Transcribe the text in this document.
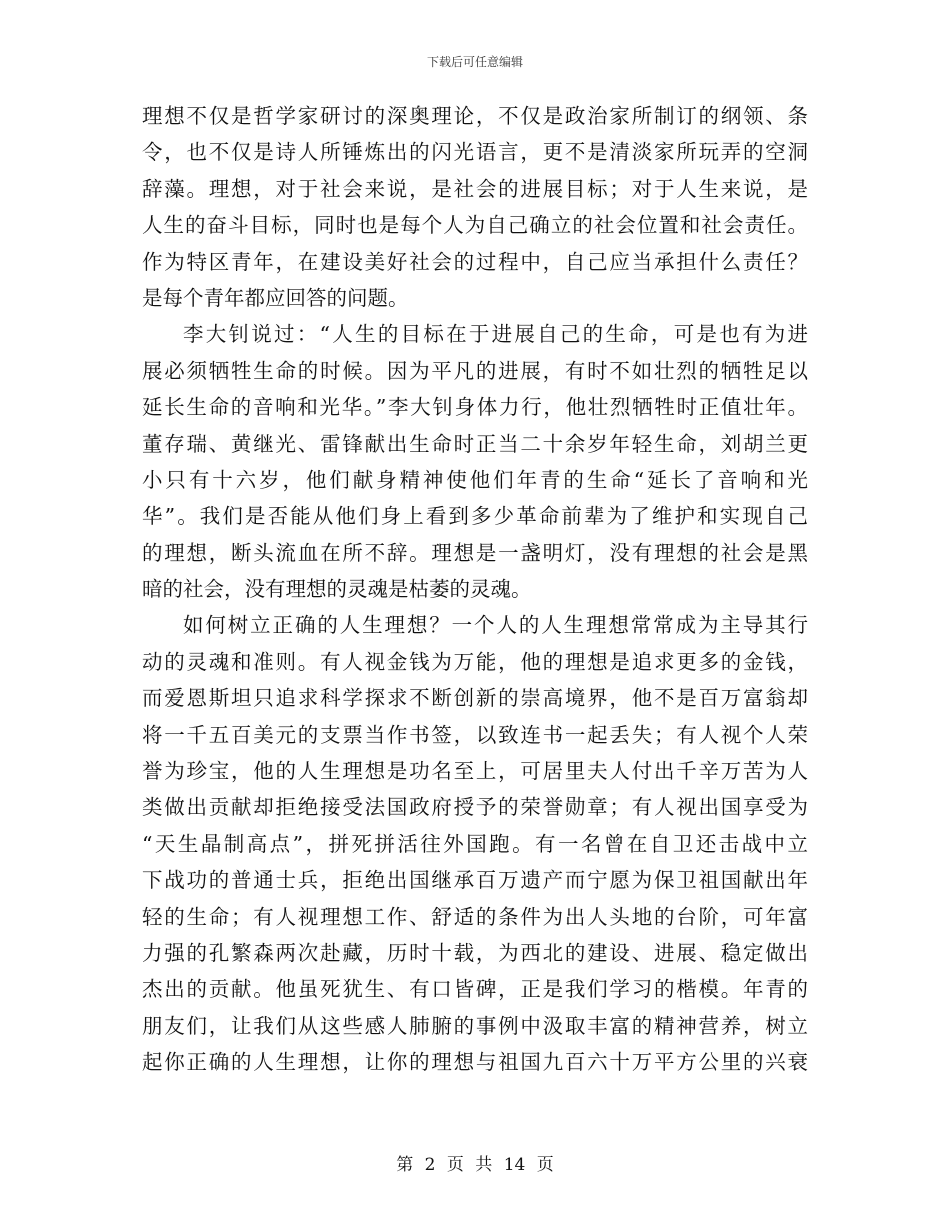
下载后可任意编辑
理想不仅是哲学家研讨的深奥理论，不仅是政治家所制订的纲领、条
令，也不仅是诗人所锤炼出的闪光语言，更不是清淡家所玩弄的空洞
辞藻。理想，对于社会来说，是社会的进展目标；对于人生来说，是
人生的奋斗目标，同时也是每个人为自己确立的社会位置和社会责任。
作为特区青年，在建设美好社会的过程中，自己应当承担什么责任？
是每个青年都应回答的问题。
李大钊说过：“人生的目标在于进展自己的生命，可是也有为进
展必须牺牲生命的时候。因为平凡的进展，有时不如壮烈的牺牲足以
延长生命的音响和光华。”李大钊身体力行，他壮烈牺牲时正值壮年。
董存瑞、黄继光、雷锋献出生命时正当二十余岁年轻生命，刘胡兰更
小只有十六岁，他们献身精神使他们年青的生命“延长了音响和光
华”。我们是否能从他们身上看到多少革命前辈为了维护和实现自己
的理想，断头流血在所不辞。理想是一盏明灯，没有理想的社会是黑
暗的社会，没有理想的灵魂是枯萎的灵魂。
如何树立正确的人生理想？一个人的人生理想常常成为主导其行
动的灵魂和准则。有人视金钱为万能，他的理想是追求更多的金钱，
而爱恩斯坦只追求科学探求不断创新的崇高境界，他不是百万富翁却
将一千五百美元的支票当作书签，以致连书一起丢失；有人视个人荣
誉为珍宝，他的人生理想是功名至上，可居里夫人付出千辛万苦为人
类做出贡献却拒绝接受法国政府授予的荣誉勋章；有人视出国享受为
“天生晶制高点”，拼死拼活往外国跑。有一名曾在自卫还击战中立
下战功的普通士兵，拒绝出国继承百万遗产而宁愿为保卫祖国献出年
轻的生命；有人视理想工作、舒适的条件为出人头地的台阶，可年富
力强的孔繁森两次赴藏，历时十载，为西北的建设、进展、稳定做出
杰出的贡献。他虽死犹生、有口皆碑，正是我们学习的楷模。年青的
朋友们，让我们从这些感人肺腑的事例中汲取丰富的精神营养，树立
起你正确的人生理想，让你的理想与祖国九百六十万平方公里的兴衰
第 2 页 共 14 页
